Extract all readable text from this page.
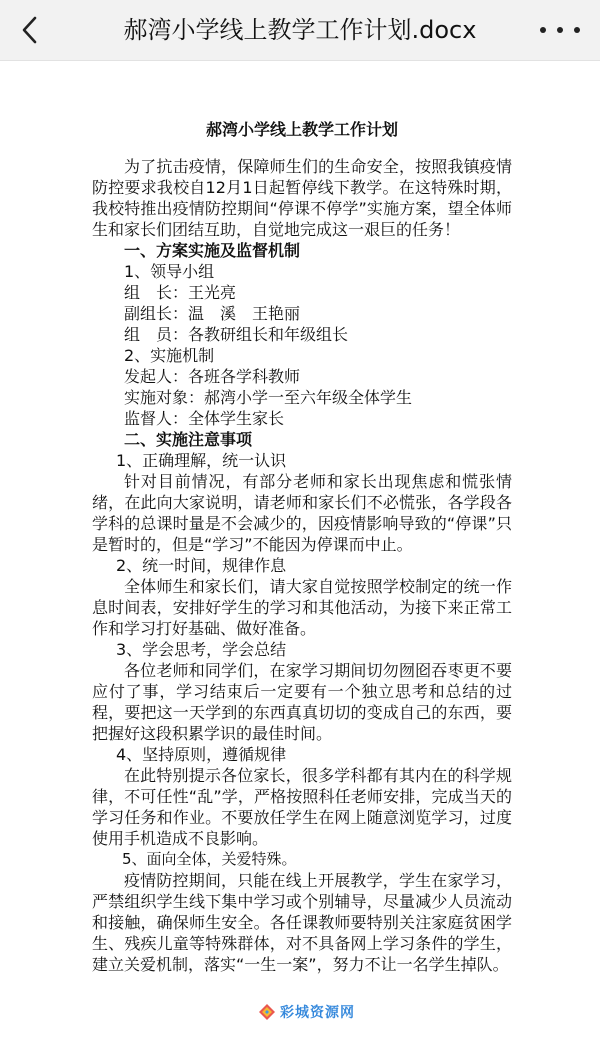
郝湾小学线上教学工作计划.docx
郝湾小学线上教学工作计划

为了抗击疫情，保障师生们的生命安全，按照我镇疫情防控要求我校自12月1日起暂停线下教学。在这特殊时期，我校特推出疫情防控期间“停课不停学”实施方案，望全体师生和家长们团结互助，自觉地完成这一艰巨的任务！

一、方案实施及监督机制

1、领导小组

组　长：王光亮

副组长：温　溪　王艳丽

组　员：各教研组长和年级组长

2、实施机制

发起人：各班各学科教师

实施对象：郝湾小学一至六年级全体学生

监督人：全体学生家长

二、实施注意事项

1、正确理解，统一认识

针对目前情况，有部分老师和家长出现焦虑和慌张情绪，在此向大家说明，请老师和家长们不必慌张，各学段各学科的总课时量是不会减少的，因疫情影响导致的“停课”只是暂时的，但是“学习”不能因为停课而中止。

2、统一时间，规律作息

全体师生和家长们，请大家自觉按照学校制定的统一作息时间表，安排好学生的学习和其他活动，为接下来正常工作和学习打好基础、做好准备。

3、学会思考，学会总结

各位老师和同学们，在家学习期间切勿囫囵吞枣更不要应付了事，学习结束后一定要有一个独立思考和总结的过程，要把这一天学到的东西真真切切的变成自己的东西，要把握好这段积累学识的最佳时间。

4、坚持原则，遵循规律

在此特别提示各位家长，很多学科都有其内在的科学规律，不可任性“乱”学，严格按照科任老师安排，完成当天的学习任务和作业。不要放任学生在网上随意浏览学习，过度使用手机造成不良影响。

5、面向全体，关爱特殊。

疫情防控期间，只能在线上开展教学，学生在家学习，严禁组织学生线下集中学习或个别辅导，尽量减少人员流动和接触，确保师生安全。各任课教师要特别关注家庭贫困学生、残疾儿童等特殊群体，对不具备网上学习条件的学生，建立关爱机制，落实“一生一案”，努力不让一名学生掉队。

彩城资源网
